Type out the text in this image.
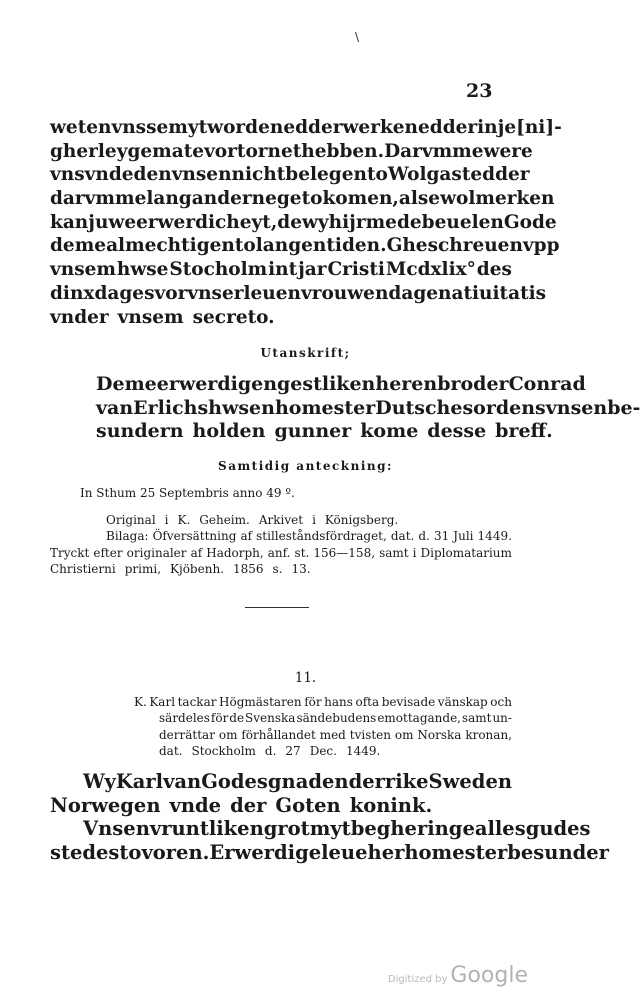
\
23
weten vns se myt worden edder werken edder in je[ni]-
gherleyge mate vortornet hebben. Dar vmme were
vns vnde den vnsen nicht belegen to Wolgast edder
dar vmmelang an der nege to komen, alse wol merken
kan juwe erwerdicheyt, de wy hijr mede beuelen Gode
deme almechtigen to langen tiden. Gheschreuen vpp
vnsem hwse Stocholm int jar Cristi Mcdxlix° des
dinxdages vor vnser leuen vrouwen dage natiuitatis
vnder vnsem secreto.
Utanskrift;
Deme erwerdigen gestliken heren broder Conrad
van Erlichshwsen homester Dutsches ordens vnsen be-
sundern holden gunner kome desse breff.
Samtidig anteckning:
In Sthum 25 Septembris anno 49 º.
Original i K. Geheim. Arkivet i Königsberg.
Bilaga: Öfversättning af stilleståndsfördraget, dat. d. 31 Juli 1449.
Tryckt efter originaler af Hadorph, anf. st. 156—158, samt i Diplomatarium
Christierni primi, Kjöbenh. 1856 s. 13.
11.
K. Karl tackar Högmästaren för hans ofta bevisade vänskap och
särdeles för de Svenska sändebudens emottagande, samt un-
derrättar om förhållandet med tvisten om Norska kronan,
dat. Stockholm d. 27 Dec. 1449.
Wy Karl van Godes gnaden der rike Sweden
Norwegen vnde der Goten konink.
Vnsen vruntliken grot myt begheringe alles gudes
stedes to voren. Erwerdige leue her homester besunder
Digitized by Google
